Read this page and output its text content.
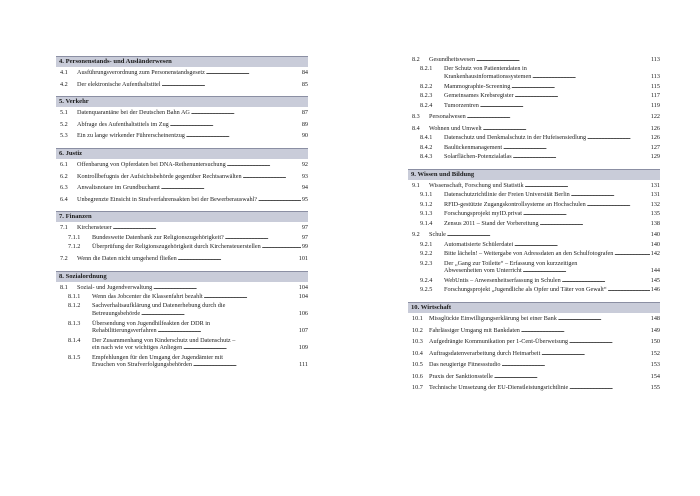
4. Personenstands- und Ausländerwesen
4.1	Ausführungsverordnung zum Personenstandsgesetz . . .	84
4.2	Der elektronische Aufenthaltstitel . . .	85
5. Verkehr
5.1	Datenquarantäne bei der Deutschen Bahn AG . . .	87
5.2	Abfrage des Aufenthaltstitels im Zug . . .	89
5.3	Ein zu lange wirkender Führerscheinentzug . . .	90
6. Justiz
6.1	Offenbarung von Opferdaten bei DNA-Reihenuntersuchung . . .	92
6.2	Kontrollbefugnis der Aufsichtsbehörde gegenüber Rechtsanwälten . . .	93
6.3	Anwaltsnotare im Grundbuchamt . . .	94
6.4	Unbegrenzte Einsicht in Strafverfahrensakten bei der Bewerberauswahl? . . .	95
7. Finanzen
7.1	Kirchensteuer . . .	97
7.1.1	Bundesweite Datenbank zur Religionszugehörigkeit? . . .	97
7.1.2	Überprüfung der Religionszugehörigkeit durch Kirchensteuerstellen . . .	99
7.2	Wenn die Daten nicht umgehend fließen . . .	101
8. Sozialordnung
8.1	Sozial- und Jugendverwaltung . . .	104
8.1.1	Wenn das Jobcenter die Klassenfahrt bezahlt . . .	104
8.1.2	Sachverhaltsaufklärung und Datenerhebung durch die
Betreuungsbehörde . . .	106
8.1.3	Übersendung von Jugendhilfeakten der DDR in
Rehabilitierungsverfahren . . .	107
8.1.4	Der Zusammenhang von Kinderschutz und Datenschutz –
ein nach wie vor wichtiges Anliegen . . .	109
8.1.5	Empfehlungen für den Umgang der Jugendämter mit
Ersuchen von Strafverfolgungsbehörden . . .	111
8.2	Gesundheitswesen . . .	113
8.2.1	Der Schutz von Patientendaten in
Krankenhausinformationssystemen . . .	113
8.2.2	Mammographie-Screening . . .	115
8.2.3	Gemeinsames Krebsregister . . .	117
8.2.4	Tumorzentren . . .	119
8.3	Personalwesen . . .	122
8.4	Wohnen und Umwelt . . .	126
8.4.1	Datenschutz und Denkmalschutz in der Hufeisensiedlung . . .	126
8.4.2	Baulückenmanagement . . .	127
8.4.3	Solarflächen-Potenzialatlas . . .	129
9. Wissen und Bildung
9.1	Wissenschaft, Forschung und Statistik . . .	131
9.1.1	Datenschutzrichtlinie der Freien Universität Berlin . . .	131
9.1.2	RFID-gestützte Zugangskontrollsysteme an Hochschulen . . .	132
9.1.3	Forschungsprojekt myID.privat . . .	135
9.1.4	Zensus 2011 – Stand der Vorbereitung . . .	138
9.2	Schule . . .	140
9.2.1	Automatisierte Schülerdatei . . .	140
9.2.2	Bitte lächeln! – Weitergabe von Adressdaten an den Schulfotografen . . .	142
9.2.3	Der „Gang zur Toilette“ – Erfassung von kurzzeitigen
Abwesenheiten vom Unterricht . . .	144
9.2.4	WebUntis – Anwesenheitserfassung in Schulen . . .	145
9.2.5	Forschungsprojekt „Jugendliche als Opfer und Täter von Gewalt“ . . .	146
10. Wirtschaft
10.1 Missglückte Einwilligungserklärung bei einer Bank . . .	148
10.2 Fahrlässiger Umgang mit Bankdaten . . .	149
10.3 Aufgedrängte Kommunikation per 1-Cent-Überweisung . . .	150
10.4 Auftragsdatenverarbeitung durch Heimarbeit . . .	152
10.5 Das neugierige Fitnessstudio . . .	153
10.6 Praxis der Sanktionsstelle . . .	154
10.7 Technische Umsetzung der EU-Dienstleistungsrichtlinie . . .	155
